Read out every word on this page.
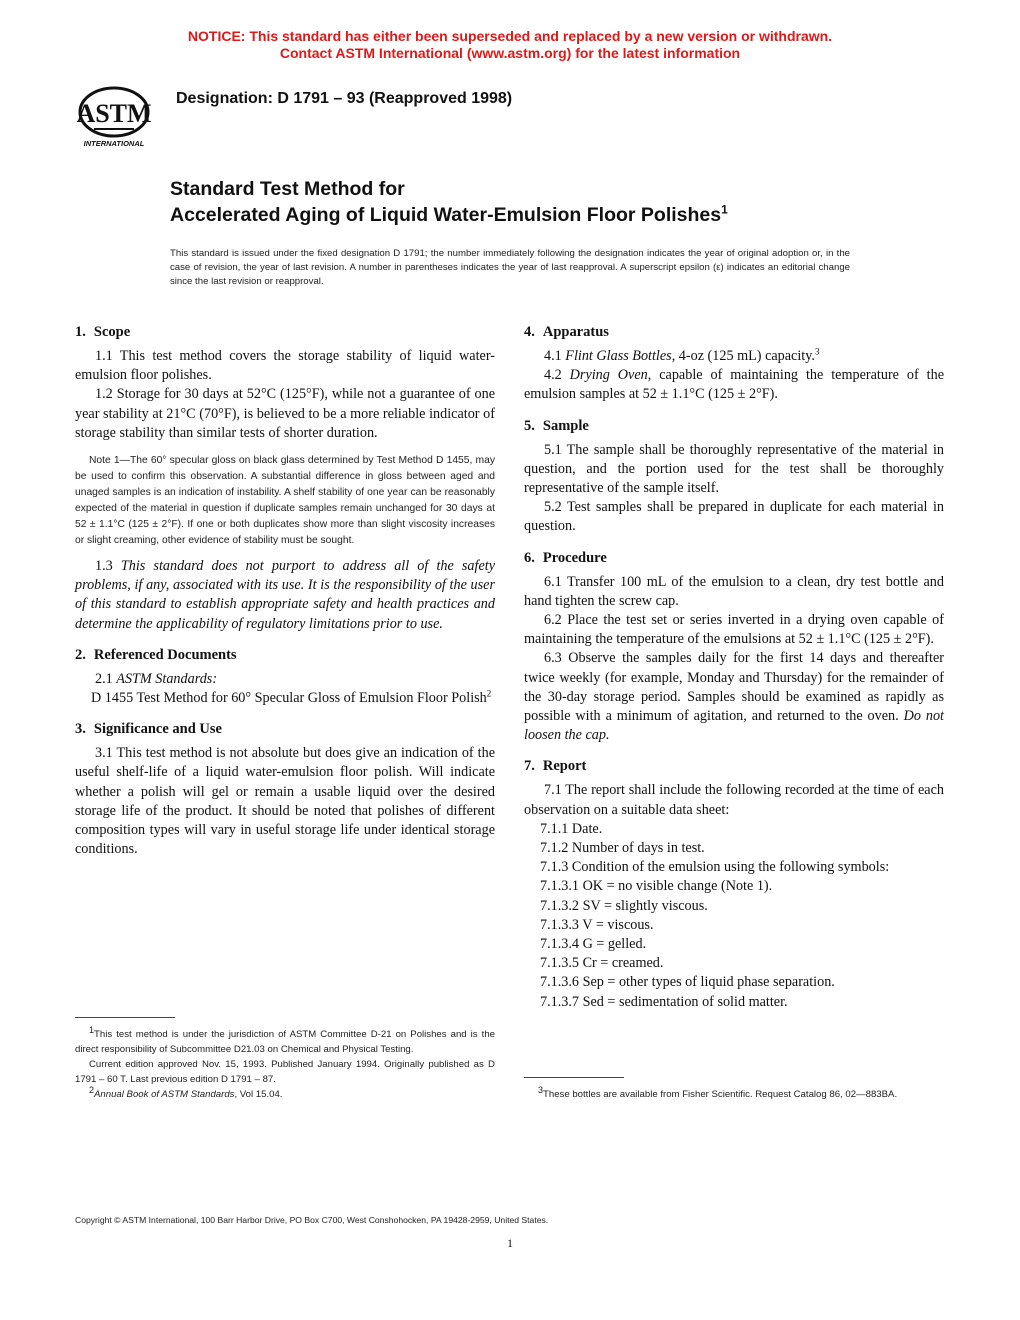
NOTICE: This standard has either been superseded and replaced by a new version or withdrawn.
Contact ASTM International (www.astm.org) for the latest information
ASTM
INTERNATIONAL
Designation: D 1791 – 93 (Reapproved 1998)
Standard Test Method for
Accelerated Aging of Liquid Water-Emulsion Floor Polishes$^1$
This standard is issued under the fixed designation D 1791; the number immediately following the designation indicates the year of original adoption or, in the case of revision, the year of last revision. A number in parentheses indicates the year of last reapproval. A superscript epsilon (ε) indicates an editorial change since the last revision or reapproval.
1. Scope

1.1 This test method covers the storage stability of liquid water-emulsion floor polishes.

1.2 Storage for 30 days at 52°C (125°F), while not a guarantee of one year stability at 21°C (70°F), is believed to be a more reliable indicator of storage stability than similar tests of shorter duration.

Note 1—The 60° specular gloss on black glass determined by Test Method D 1455, may be used to confirm this observation. A substantial difference in gloss between aged and unaged samples is an indication of instability. A shelf stability of one year can be reasonably expected of the material in question if duplicate samples remain unchanged for 30 days at 52 ± 1.1°C (125 ± 2°F). If one or both duplicates show more than slight viscosity increases or slight creaming, other evidence of stability must be sought.

1.3 This standard does not purport to address all of the safety problems, if any, associated with its use. It is the responsibility of the user of this standard to establish appropriate safety and health practices and determine the applicability of regulatory limitations prior to use.

2. Referenced Documents

2.1 ASTM Standards:

D 1455 Test Method for 60° Specular Gloss of Emulsion Floor Polish$^2$

3. Significance and Use

3.1 This test method is not absolute but does give an indication of the useful shelf-life of a liquid water-emulsion floor polish. Will indicate whether a polish will gel or remain a usable liquid over the desired storage life of the product. It should be noted that polishes of different composition types will vary in useful storage life under identical storage conditions.

4. Apparatus

4.1 Flint Glass Bottles, 4-oz (125 mL) capacity.$^3$

4.2 Drying Oven, capable of maintaining the temperature of the emulsion samples at 52 ± 1.1°C (125 ± 2°F).

5. Sample

5.1 The sample shall be thoroughly representative of the material in question, and the portion used for the test shall be thoroughly representative of the sample itself.

5.2 Test samples shall be prepared in duplicate for each material in question.

6. Procedure

6.1 Transfer 100 mL of the emulsion to a clean, dry test bottle and hand tighten the screw cap.

6.2 Place the test set or series inverted in a drying oven capable of maintaining the temperature of the emulsions at 52 ± 1.1°C (125 ± 2°F).

6.3 Observe the samples daily for the first 14 days and thereafter twice weekly (for example, Monday and Thursday) for the remainder of the 30-day storage period. Samples should be examined as rapidly as possible with a minimum of agitation, and returned to the oven. Do not loosen the cap.

7. Report

7.1 The report shall include the following recorded at the time of each observation on a suitable data sheet:

7.1.1 Date.

7.1.2 Number of days in test.

7.1.3 Condition of the emulsion using the following symbols:

7.1.3.1 OK = no visible change (Note 1).

7.1.3.2 SV = slightly viscous.

7.1.3.3 V = viscous.

7.1.3.4 G = gelled.

7.1.3.5 Cr = creamed.

7.1.3.6 Sep = other types of liquid phase separation.

7.1.3.7 Sed = sedimentation of solid matter.

$^1$This test method is under the jurisdiction of ASTM Committee D-21 on Polishes and is the direct responsibility of Subcommittee D21.03 on Chemical and Physical Testing.

Current edition approved Nov. 15, 1993. Published January 1994. Originally published as D 1791 – 60 T. Last previous edition D 1791 – 87.

$^2$Annual Book of ASTM Standards, Vol 15.04.	$^3$These bottles are available from Fisher Scientific. Request Catalog 86, 02—883BA.

Copyright © ASTM International, 100 Barr Harbor Drive, PO Box C700, West Conshohocken, PA 19428-2959, United States.
1
